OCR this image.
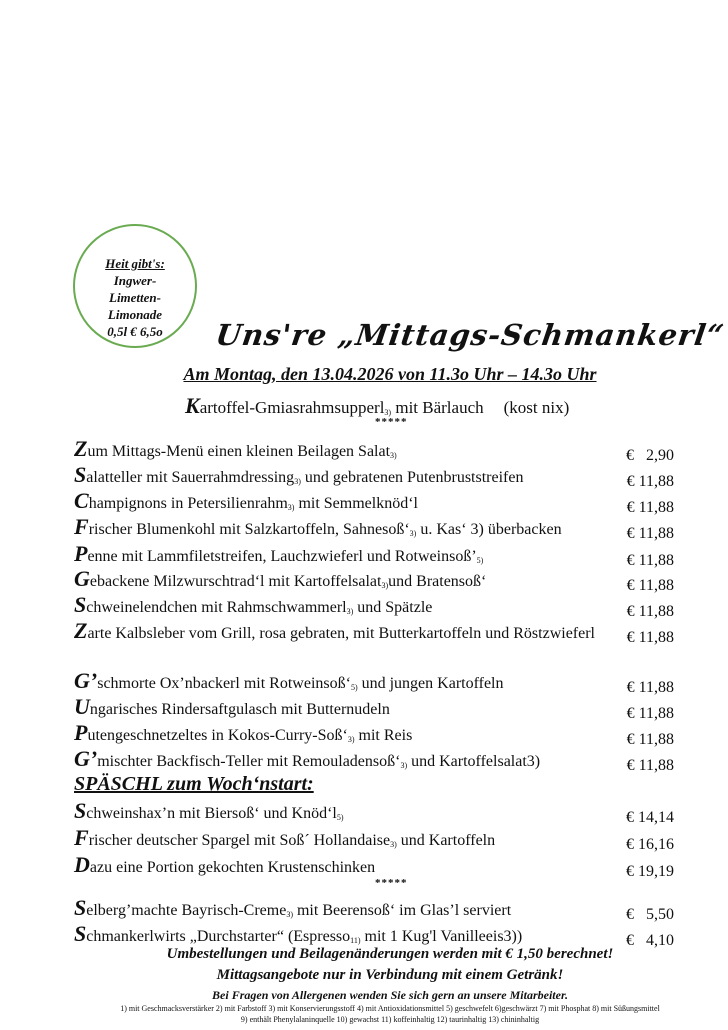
Heit gibt's:
Ingwer-
Limetten-
Limonade
0,5l € 6,5o	Uns're „Mittags-Schmankerl“
Am Montag, den 13.04.2026 von 11.3o Uhr – 14.3o Uhr
Kartoffel-Gmiasrahmsupperl$_{3)}$ mit Bärlauch (kost nix)
*****
Zum Mittags-Menü einen kleinen Beilagen Salat$_{3)}$	€   2,90
Salatteller mit Sauerrahmdressing$_{3)}$ und gebratenen Putenbruststreifen	€ 11,88
Champignons in Petersilienrahm$_{3)}$ mit Semmelknöd‘l	€ 11,88
Frischer Blumenkohl mit Salzkartoffeln, $Sahnesoß‘_{3)}$ u. Kas‘ 3) überbacken	€ 11,88
Penne mit Lammfiletstreifen, Lauchzwieferl und $Rotweinsoß’_{5)}$	€ 11,88
Gebackene Milzwurschtrad‘l mit Kartoffelsalat$_{3)}$und Bratensoß‘	€ 11,88
Schweinelendchen mit Rahmschwammerl$_{3)}$ und Spätzle	€ 11,88
Zarte Kalbsleber vom Grill, rosa gebraten, mit Butterkartoffeln und Röstzwieferl € 11,88
G’schmorte Ox’nbackerl mit $Rotweinsoß‘_{5)}$ und jungen Kartoffeln	€ 11,88
Ungarisches Rindersaftgulasch mit Butternudeln	€ 11,88
Putengeschnetzeltes in Kokos-$Curry-Soß‘_{3)}$ mit Reis	€ 11,88
G’mischter Backfisch-Teller mit $Remouladensoß‘_{3)}$ und Kartoffelsalat3)	€ 11,88
Schweinshax’n mit Biersoß‘ und $Knöd‘l_{5)}$	€ 14,14
Frischer deutscher Spargel mit Soß´ Hollandaise$_{3)}$ und Kartoffeln	€ 16,16
Dazu eine Portion gekochten Krustenschinken	€ 19,19
Selberg’machte Bayrisch-Creme$_{3)}$ mit Beerensoß‘ im Glas’l serviert	€   5,50
Schmankerlwirts „Durchstarter“ (Espresso$_{11)}$ mit 1 Kug'l Vanilleeis3))	€   4,10
SPÄSCHL zum Woch‘nstart:
*****
Umbestellungen und Beilagenänderungen werden mit € 1,50 berechnet!
Mittagsangebote nur in Verbindung mit einem Getränk!
Bei Fragen von Allergenen wenden Sie sich gern an unsere Mitarbeiter.
1) mit Geschmacksverstärker 2) mit Farbstoff 3) mit Konservierungsstoff 4) mit Antioxidationsmittel 5) geschwefelt 6)geschwärzt 7) mit Phosphat 8) mit Süßungsmittel
9) enthält Phenylalaninquelle 10) gewachst 11) koffeinhaltig 12) taurinhaltig 13) chininhaltig
